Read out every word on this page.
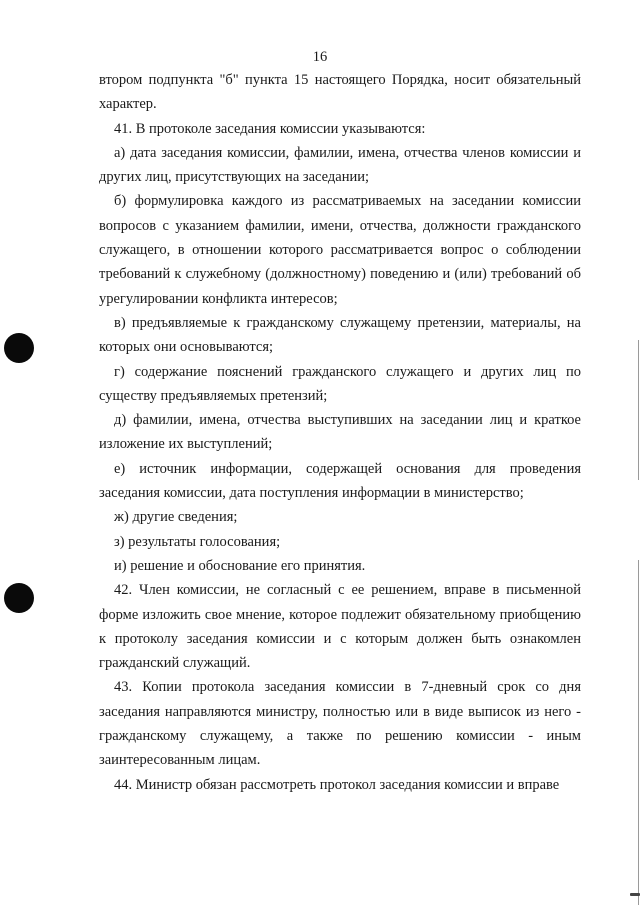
16

втором подпункта "б" пункта 15 настоящего Порядка, носит обязательный характер.

41. В протоколе заседания комиссии указываются:

а) дата заседания комиссии, фамилии, имена, отчества членов комиссии и других лиц, присутствующих на заседании;

б) формулировка каждого из рассматриваемых на заседании комиссии вопросов с указанием фамилии, имени, отчества, должности гражданского служащего, в отношении которого рассматривается вопрос о соблюдении требований к служебному (должностному) поведению и (или) требований об урегулировании конфликта интересов;

в) предъявляемые к гражданскому служащему претензии, материалы, на которых они основываются;

г) содержание пояснений гражданского служащего и других лиц по существу предъявляемых претензий;

д) фамилии, имена, отчества выступивших на заседании лиц и краткое изложение их выступлений;

е) источник информации, содержащей основания для проведения заседания комиссии, дата поступления информации в министерство;

ж) другие сведения;

з) результаты голосования;

и) решение и обоснование его принятия.

42. Член комиссии, не согласный с ее решением, вправе в письменной форме изложить свое мнение, которое подлежит обязательному приобщению к протоколу заседания комиссии и с которым должен быть ознакомлен гражданский служащий.

43. Копии протокола заседания комиссии в 7-дневный срок со дня заседания направляются министру, полностью или в виде выписок из него - гражданскому служащему, а также по решению комиссии - иным заинтересованным лицам.

44. Министр обязан рассмотреть протокол заседания комиссии и вправе
